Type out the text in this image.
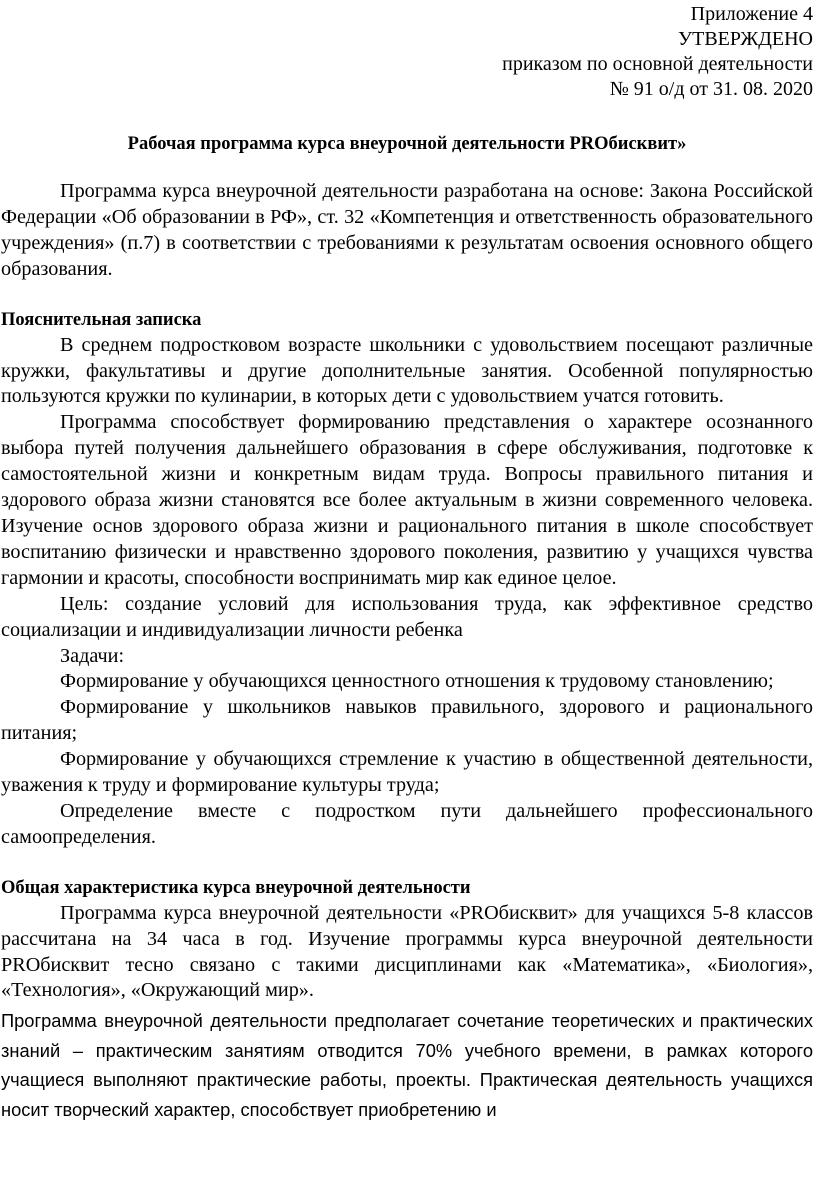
Приложение 4
УТВЕРЖДЕНО
приказом по основной деятельности
№ 91 о/д от 31. 08. 2020
Рабочая программа курса внеурочной деятельности PROбисквит»

Программа курса внеурочной деятельности разработана на основе: Закона Российской Федерации «Об образовании в РФ», ст. 32 «Компетенция и ответственность образовательного учреждения» (п.7) в соответствии с требованиями к результатам освоения основного общего образования.

Пояснительная записка

В среднем подростковом возрасте школьники с удовольствием посещают различные кружки, факультативы и другие дополнительные занятия. Особенной популярностью пользуются кружки по кулинарии, в которых дети с удовольствием учатся готовить.

Программа способствует формированию представления о характере осознанного выбора путей получения дальнейшего образования в сфере обслуживания, подготовке к самостоятельной жизни и конкретным видам труда. Вопросы правильного питания и здорового образа жизни становятся все более актуальным в жизни современного человека. Изучение основ здорового образа жизни и рационального питания в школе способствует воспитанию физически и нравственно здорового поколения, развитию у учащихся чувства гармонии и красоты, способности воспринимать мир как единое целое.

Цель: создание условий для использования труда, как эффективное средство социализации и индивидуализации личности ребенка

Задачи:

Формирование у обучающихся ценностного отношения к трудовому становлению;

Формирование у школьников навыков правильного, здорового и рационального питания;

Формирование у обучающихся стремление к участию в общественной деятельности, уважения к труду и формирование культуры труда;

Определение вместе с подростком пути дальнейшего профессионального самоопределения.

Общая характеристика курса внеурочной деятельности

Программа курса внеурочной деятельности «PROбисквит» для учащихся 5-8 классов рассчитана на 34 часа в год. Изучение программы курса внеурочной деятельности PROбисквит тесно связано с такими дисциплинами как «Математика», «Биология», «Технология», «Окружающий мир».

Программа внеурочной деятельности предполагает сочетание теоретических и практических знаний – практическим занятиям отводится 70% учебного времени, в рамках которого учащиеся выполняют практические работы, проекты. Практическая деятельность учащихся носит творческий характер, способствует приобретению и
